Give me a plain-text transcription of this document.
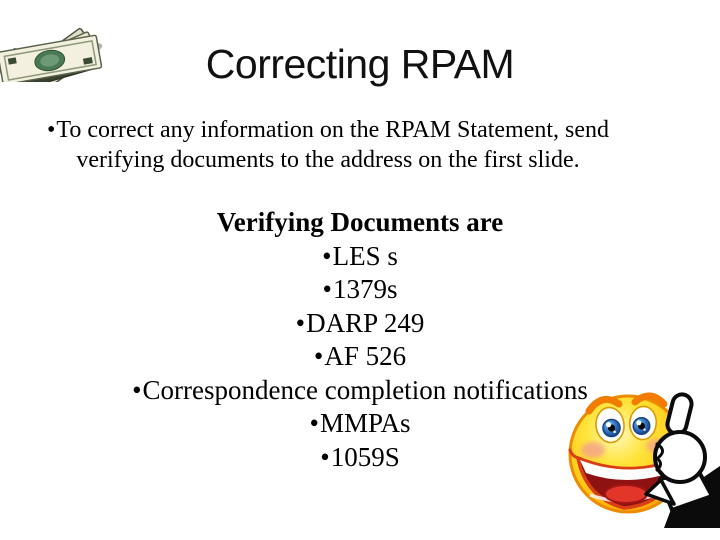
Correcting RPAM
•To correct any information on the RPAM Statement, send
verifying documents to the address on the first slide.
Verifying Documents are
•LES s
•1379s
•DARP 249
•AF 526
•Correspondence completion notifications
•MMPAs
•1059S
